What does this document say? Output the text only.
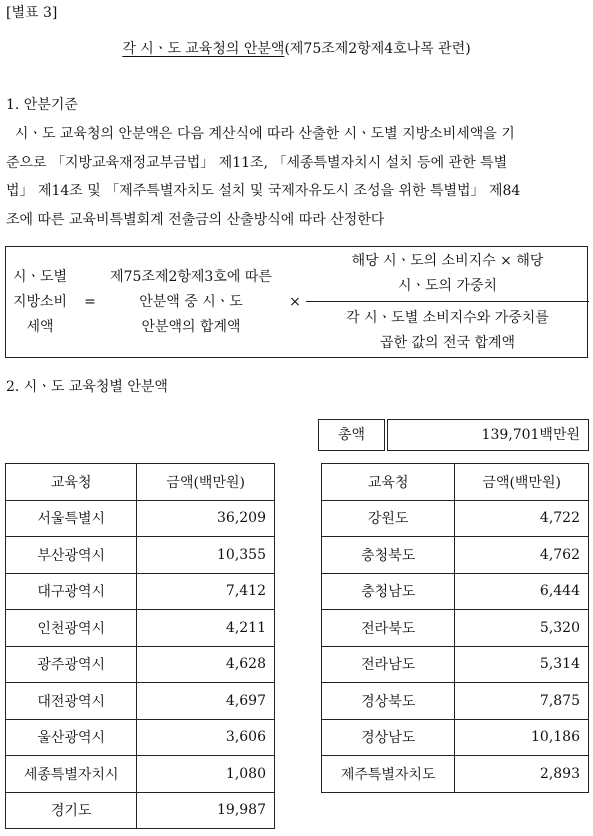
[별표 3]
각 시ㆍ도 교육청의 안분액(제75조제2항제4호나목 관련)
1. 안분기준
시ㆍ도 교육청의 안분액은 다음 계산식에 따라 산출한 시ㆍ도별 지방소비세액을 기
준으로 「지방교육재정교부금법」 제11조, 「세종특별자치시 설치 등에 관한 특별
법」 제14조 및 「제주특별자치도 설치 및 국제자유도시 조성을 위한 특별법」 제84
조에 따른 교육비특별회계 전출금의 산출방식에 따라 산정한다
시ㆍ도별
지방소비
세액
=
제75조제2항제3호에 따른
안분액 중 시ㆍ도
안분액의 합계액
×
해당 시ㆍ도의 소비지수 × 해당
시ㆍ도의 가중치
각 시ㆍ도별 소비지수와 가중치를
곱한 값의 전국 합계액
2. 시ㆍ도 교육청별 안분액
총액	139,701백만원
교육청	금액(백만원)
서울특별시	36,209
부산광역시	10,355
대구광역시	7,412
인천광역시	4,211
광주광역시	4,628
대전광역시	4,697
울산광역시	3,606
세종특별자치시	1,080
경기도	19,987
교육청	금액(백만원)
강원도	4,722
충청북도	4,762
충청남도	6,444
전라북도	5,320
전라남도	5,314
경상북도	7,875
경상남도	10,186
제주특별자치도	2,893
